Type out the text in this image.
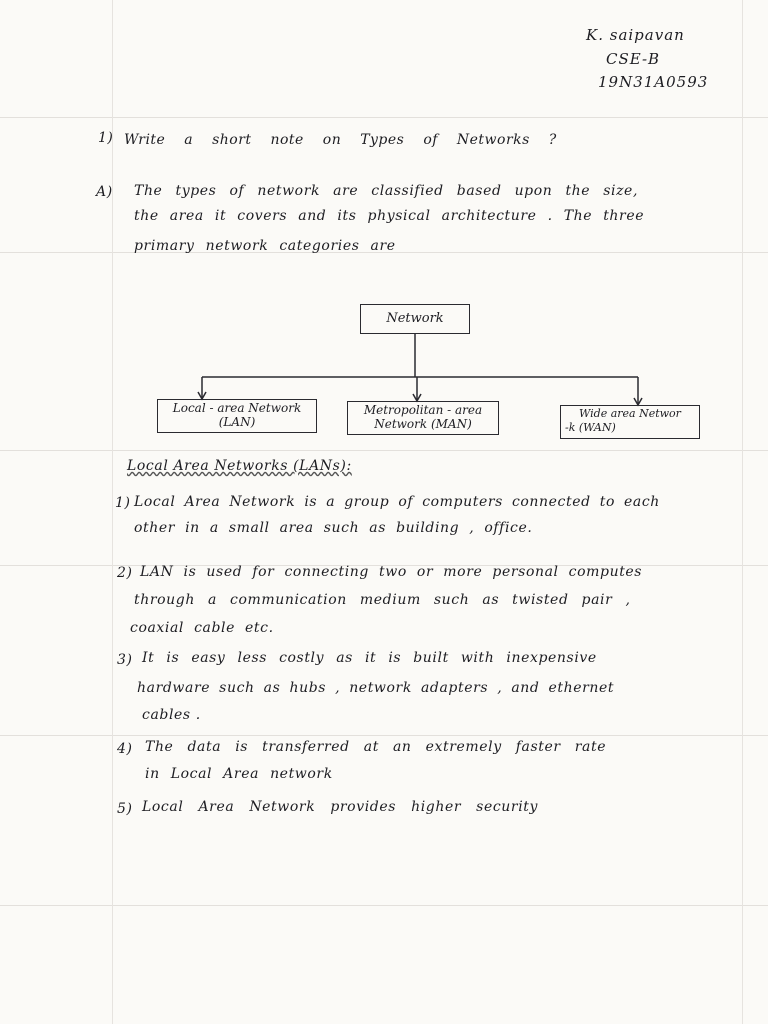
K. saipavan
CSE-B
19N31A0593
1) Write a short note on Types of Networks ?
A) The types of network are classified based upon the size,
the area it covers and its physical architecture . The three
primary network categories are
Network
Local - area Network
(LAN)
Metropolitan - area
Network (MAN)
Wide area Networ
-k (WAN)
Local Area Networks (LANs):
1) Local Area Network is a group of computers connected to each
other in a small area such as building , office.
2) LAN is used for connecting two or more personal computes
through a communication medium such as twisted pair ,
coaxial cable etc.
3) It is easy less costly as it is built with inexpensive
hardware such as hubs , network adapters , and ethernet
cables .
4) The data is transferred at an extremely faster rate
in Local Area network
5) Local Area Network provides higher security
